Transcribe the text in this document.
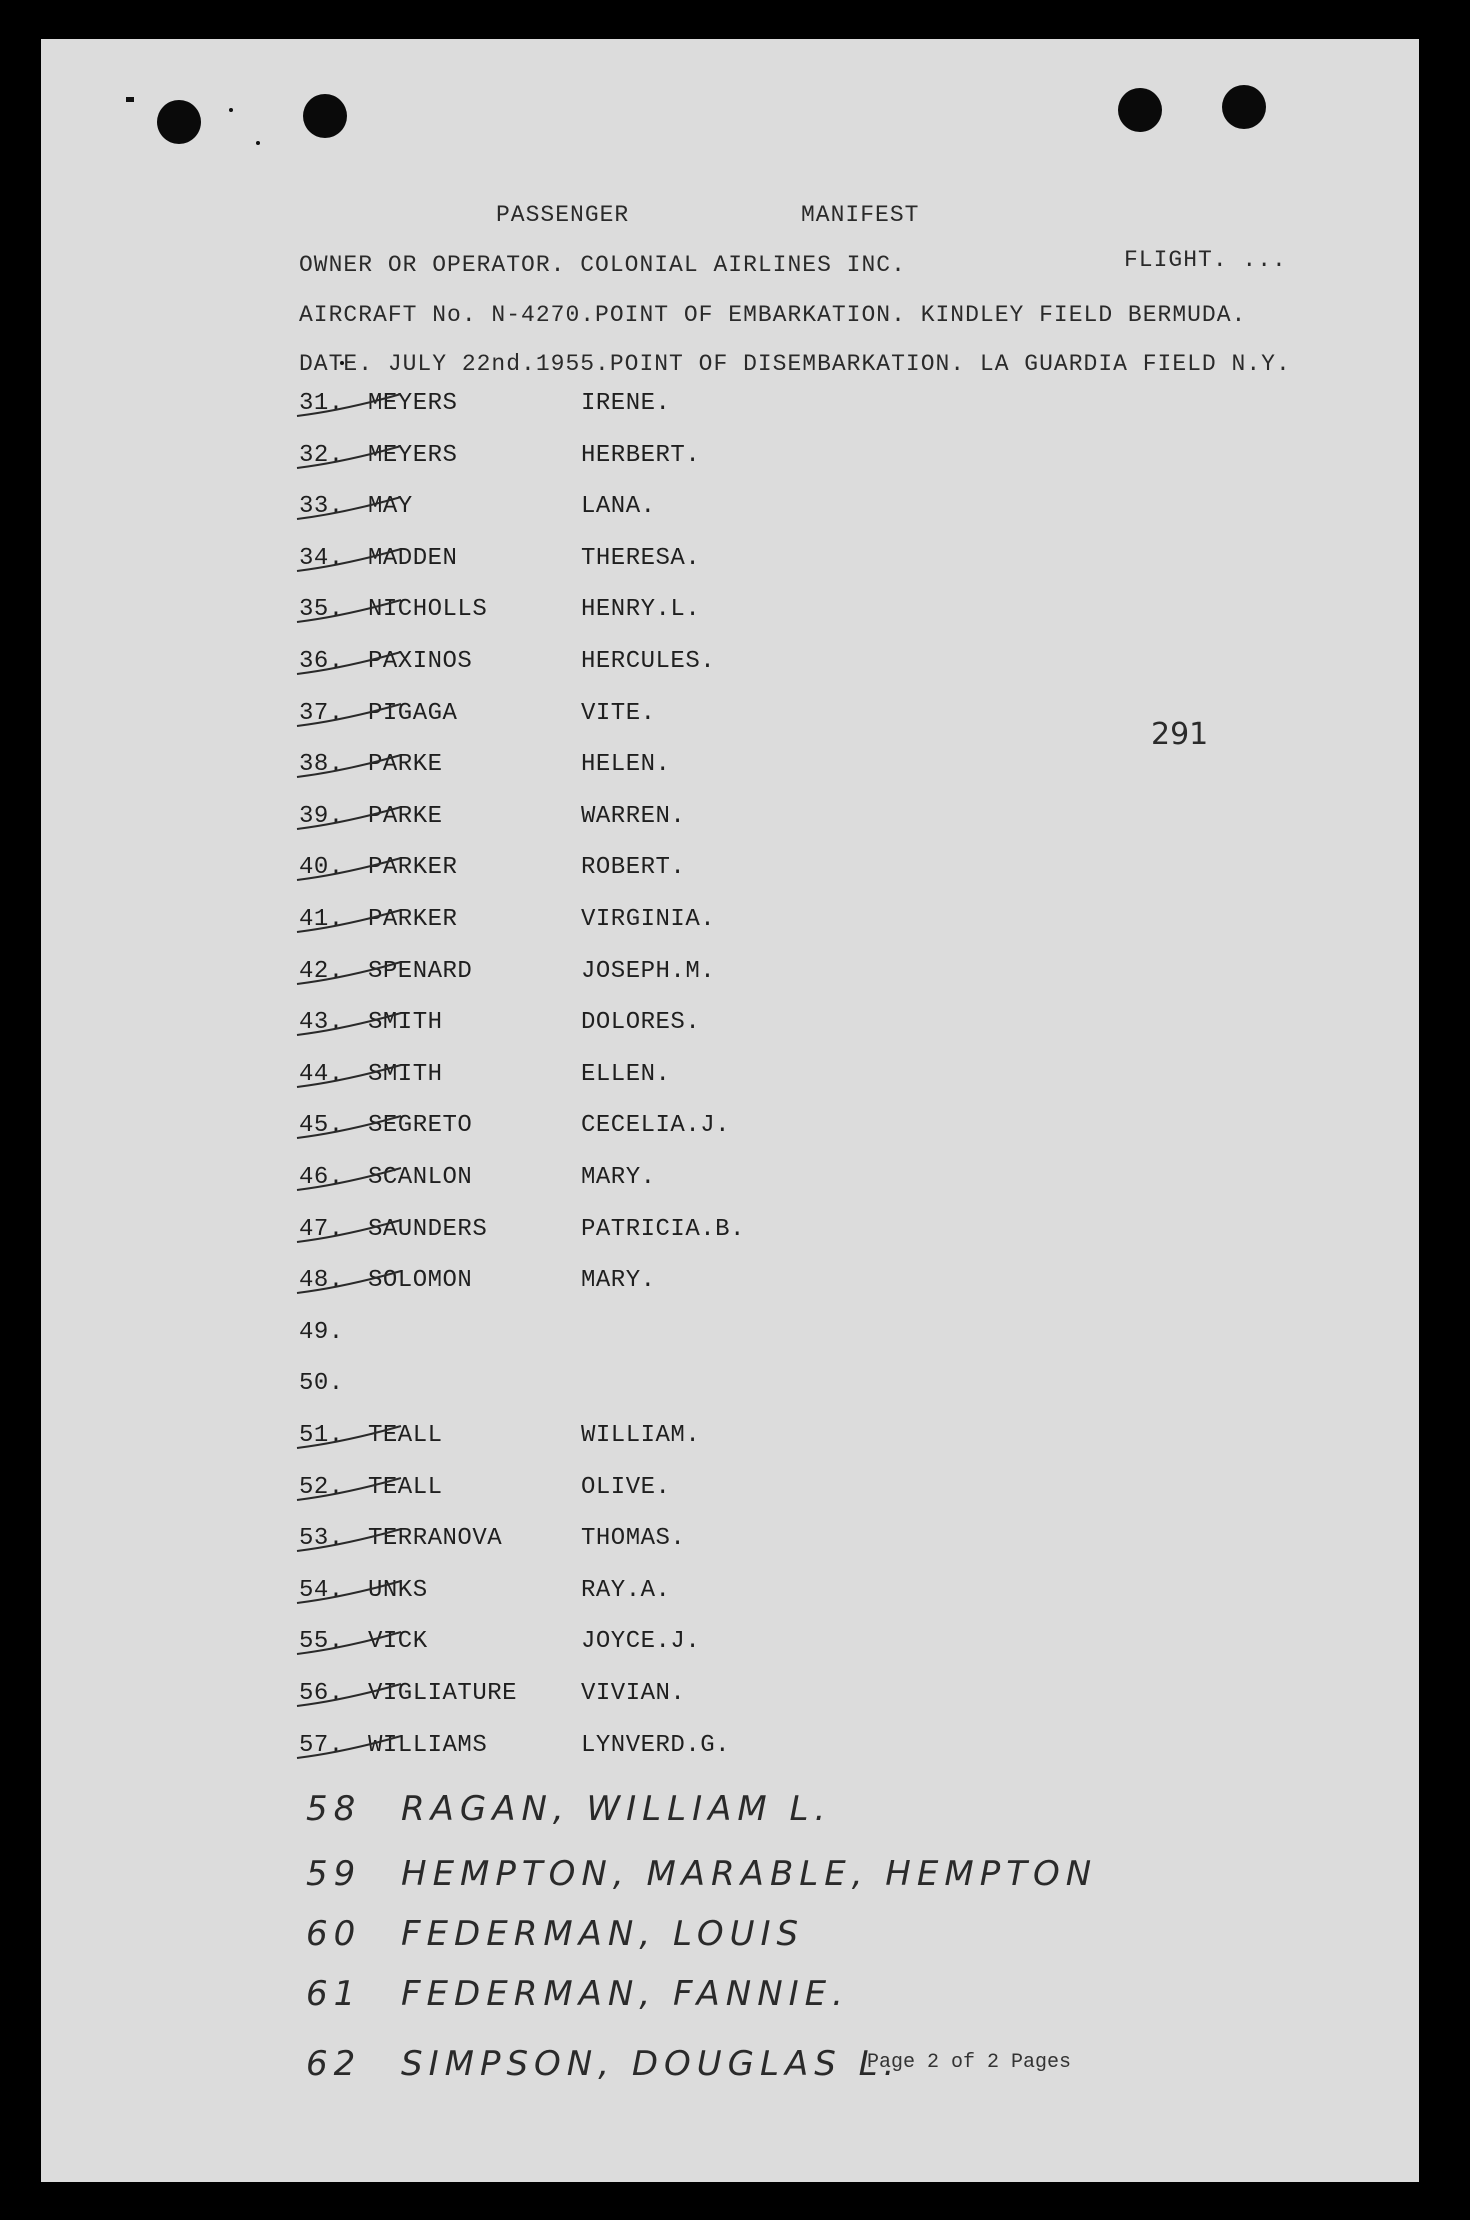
PASSENGER	MANIFEST
OWNER OR OPERATOR. COLONIAL AIRLINES INC.	FLIGHT. ...
AIRCRAFT No. N-4270.POINT OF EMBARKATION. KINDLEY FIELD BERMUDA.
DATE. JULY 22nd.1955.POINT OF DISEMBARKATION. LA GUARDIA FIELD N.Y.
31.	MEYERS	IRENE.
32.	MEYERS	HERBERT.
33.	MAY	LANA.
34.	MADDEN	THERESA.
35.	NICHOLLS	HENRY.L.
36.	PAXINOS	HERCULES.
37.	PIGAGA	VITE.
38.	PARKE	HELEN.
39.	PARKE	WARREN.
40.	PARKER	ROBERT.
41.	PARKER	VIRGINIA.
42.	SPENARD	JOSEPH.M.
43.	SMITH	DOLORES.
44.	SMITH	ELLEN.
45.	SEGRETO	CECELIA.J.
46.	SCANLON	MARY.
47.	SAUNDERS	PATRICIA.B.
48.	SOLOMON	MARY.
49.
50.
51.	TEALL	WILLIAM.
52.	TEALL	OLIVE.
53.	TERRANOVA	THOMAS.
54.	UNKS	RAY.A.
55.	VICK	JOYCE.J.
56.	VIGLIATURE	VIVIAN.
57.	WILLIAMS	LYNVERD.G.
291
58	RAGAN, WILLIAM L.
59	HEMPTON, MARABLE, HEMPTON
60	FEDERMAN, LOUIS
61	FEDERMAN, FANNIE.
62	SIMPSON, DOUGLAS L.
Page 2 of 2 Pages
